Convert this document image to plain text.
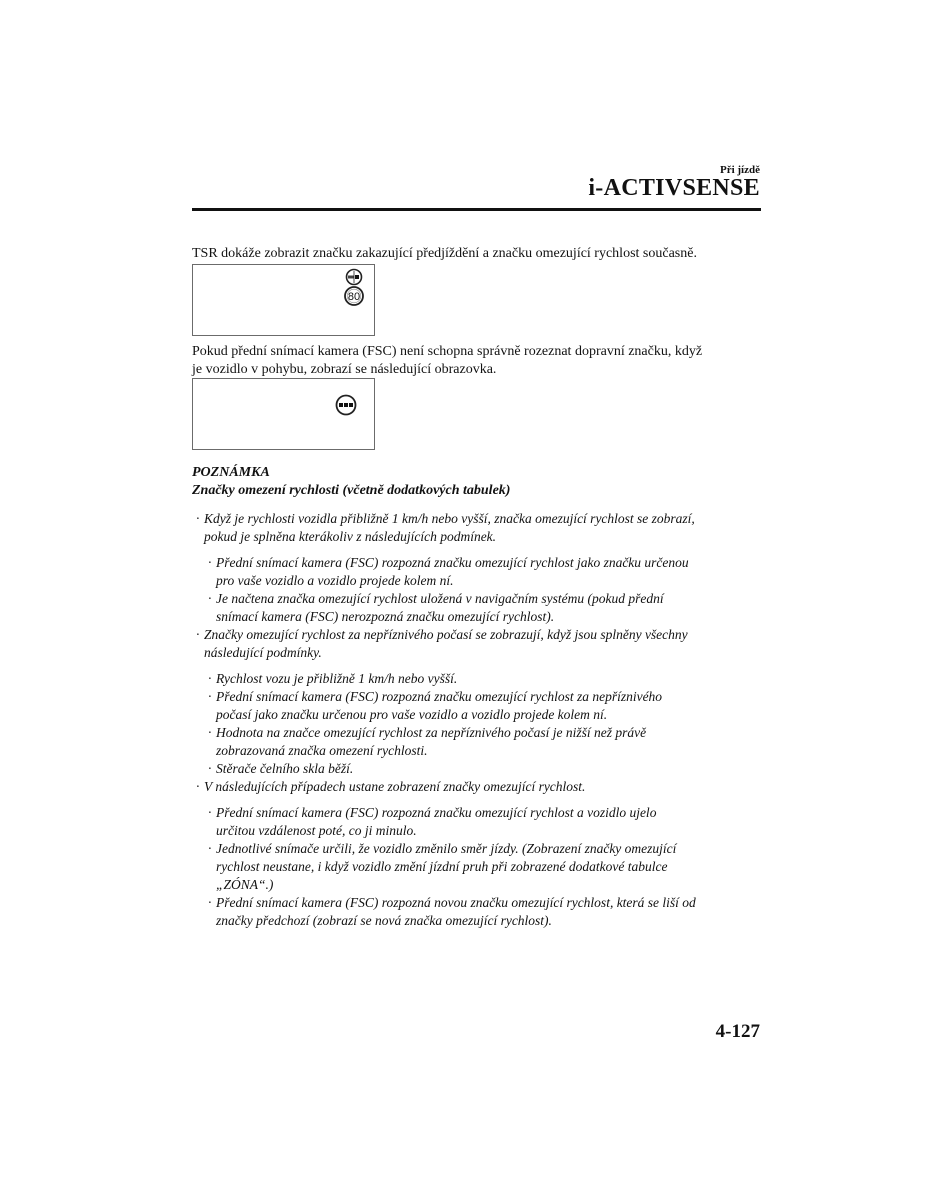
Při jízdě
i-ACTIVSENSE
TSR dokáže zobrazit značku zakazující předjíždění a značku omezující rychlost současně.
80
Pokud přední snímací kamera (FSC) není schopna správně rozeznat dopravní značku, když
je vozidlo v pohybu, zobrazí se následující obrazovka.
POZNÁMKA
Značky omezení rychlosti (včetně dodatkových tabulek)
· Když je rychlosti vozidla přibližně 1 km/h nebo vyšší, značka omezující rychlost se zobrazí,
pokud je splněna kterákoliv z následujících podmínek.
· Přední snímací kamera (FSC) rozpozná značku omezující rychlost jako značku určenou
pro vaše vozidlo a vozidlo projede kolem ní.
· Je načtena značka omezující rychlost uložená v navigačním systému (pokud přední
snímací kamera (FSC) nerozpozná značku omezující rychlost).
· Značky omezující rychlost za nepříznivého počasí se zobrazují, když jsou splněny všechny
následující podmínky.
· Rychlost vozu je přibližně 1 km/h nebo vyšší.
· Přední snímací kamera (FSC) rozpozná značku omezující rychlost za nepříznivého
počasí jako značku určenou pro vaše vozidlo a vozidlo projede kolem ní.
· Hodnota na značce omezující rychlost za nepříznivého počasí je nižší než právě
zobrazovaná značka omezení rychlosti.
· Stěrače čelního skla běží.
· V následujících případech ustane zobrazení značky omezující rychlost.
· Přední snímací kamera (FSC) rozpozná značku omezující rychlost a vozidlo ujelo
určitou vzdálenost poté, co ji minulo.
· Jednotlivé snímače určili, že vozidlo změnilo směr jízdy. (Zobrazení značky omezující
rychlost neustane, i když vozidlo změní jízdní pruh při zobrazené dodatkové tabulce
„ZÓNA“.)
· Přední snímací kamera (FSC) rozpozná novou značku omezující rychlost, která se liší od
značky předchozí (zobrazí se nová značka omezující rychlost).
4-127
